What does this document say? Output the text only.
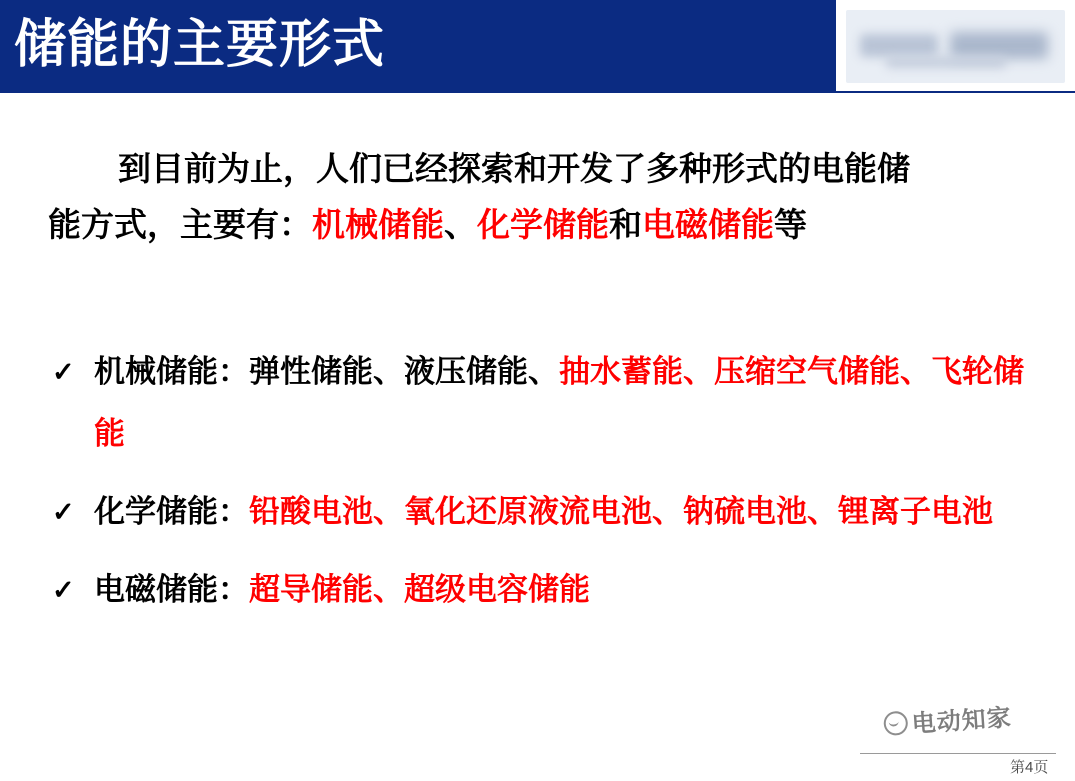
储能的主要形式
到目前为止，人们已经探索和开发了多种形式的电能储
能方式，主要有：机械储能、化学储能和电磁储能等
✓ 机械储能：弹性储能、液压储能、抽水蓄能、压缩空气储能、飞轮储能
✓ 化学储能：铅酸电池、氧化还原液流电池、钠硫电池、锂离子电池
✓ 电磁储能：超导储能、超级电容储能
电动知家
第4页
